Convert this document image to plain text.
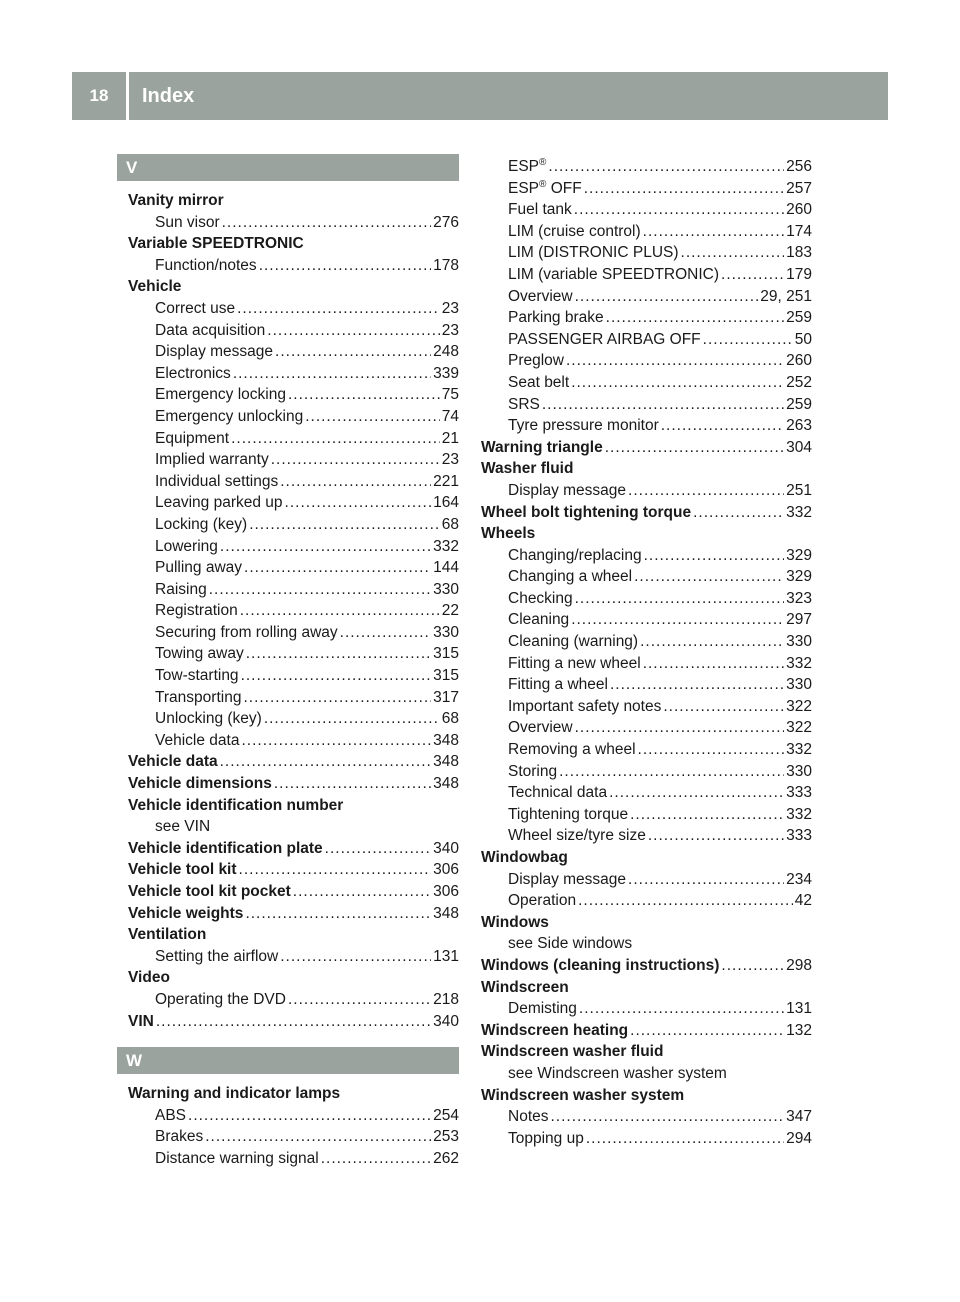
18	Index
V
Vanity mirror
Sun visor .....	276
Variable SPEEDTRONIC
Function/notes .....	178
Vehicle
Correct use .....	23
Data acquisition .....	23
Display message .....	248
Electronics .....	339
Emergency locking .....	75
Emergency unlocking .....	74
Equipment .....	21
Implied warranty .....	23
Individual settings .....	221
Leaving parked up .....	164
Locking (key) .....	68
Lowering .....	332
Pulling away .....	144
Raising .....	330
Registration .....	22
Securing from rolling away .....	330
Towing away .....	315
Tow-starting .....	315
Transporting .....	317
Unlocking (key) .....	68
Vehicle data .....	348
Vehicle data .....	348
Vehicle dimensions .....	348
Vehicle identification number
see VIN
Vehicle identification plate .....	340
Vehicle tool kit .....	306
Vehicle tool kit pocket .....	306
Vehicle weights .....	348
Ventilation
Setting the airflow .....	131
Video
Operating the DVD .....	218
VIN .....	340
W
Warning and indicator lamps
ABS .....	254
Brakes .....	253
Distance warning signal .....	262
ESP® .....	256
ESP® OFF .....	257
Fuel tank .....	260
LIM (cruise control) .....	174
LIM (DISTRONIC PLUS) .....	183
LIM (variable SPEEDTRONIC) .....	179
Overview .....	29, 251
Parking brake .....	259
PASSENGER AIRBAG OFF .....	50
Preglow .....	260
Seat belt .....	252
SRS .....	259
Tyre pressure monitor .....	263
Warning triangle .....	304
Washer fluid
Display message .....	251
Wheel bolt tightening torque .....	332
Wheels
Changing/replacing .....	329
Changing a wheel .....	329
Checking .....	323
Cleaning .....	297
Cleaning (warning) .....	330
Fitting a new wheel .....	332
Fitting a wheel .....	330
Important safety notes .....	322
Overview .....	322
Removing a wheel .....	332
Storing .....	330
Technical data .....	333
Tightening torque .....	332
Wheel size/tyre size .....	333
Windowbag
Display message .....	234
Operation .....	42
Windows
see Side windows
Windows (cleaning instructions) .....	298
Windscreen
Demisting .....	131
Windscreen heating .....	132
Windscreen washer fluid
see Windscreen washer system
Windscreen washer system
Notes .....	347
Topping up .....	294
